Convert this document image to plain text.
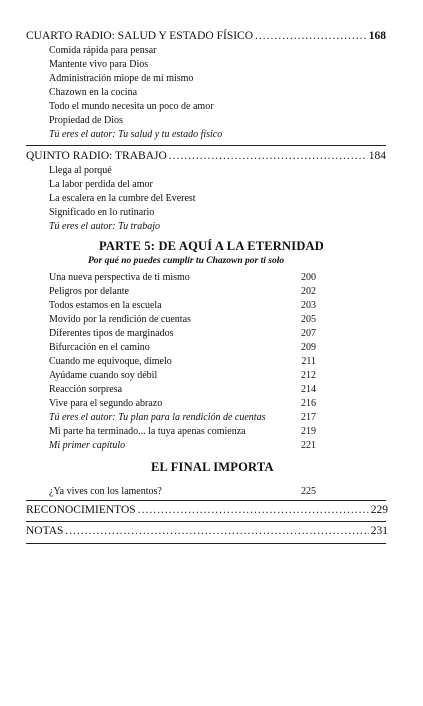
CUARTO RADIO: SALUD Y ESTADO FÍSICO .....	168
Comida rápida para pensar
Mantente vivo para Dios
Administración miope de mí mismo
Chazown en la cocina
Todo el mundo necesita un poco de amor
Propiedad de Dios
Tú eres el autor: Tu salud y tu estado físico
QUINTO RADIO: TRABAJO .....	184
Llega al porqué
La labor perdida del amor
La escalera en la cumbre del Everest
Significado en lo rutinario
Tú eres el autor: Tu trabajo
PARTE 5: DE AQUÍ A LA ETERNIDAD
Por qué no puedes cumplir tu Chazown por ti solo
Una nueva perspectiva de ti mismo	200
Peligros por delante	202
Todos estamos en la escuela	203
Movido por la rendición de cuentas	205
Diferentes tipos de marginados	207
Bifurcación en el camino	209
Cuando me equivoque, dímelo	211
Ayúdame cuando soy débil	212
Reacción sorpresa	214
Vive para el segundo abrazo	216
Tú eres el autor: Tu plan para la rendición de cuentas	217
Mi parte ha terminado... la tuya apenas comienza	219
Mi primer capítulo	221
EL FINAL IMPORTA
¿Ya vives con los lamentos?	225
RECONOCIMIENTOS .....	229
NOTAS .....	231
